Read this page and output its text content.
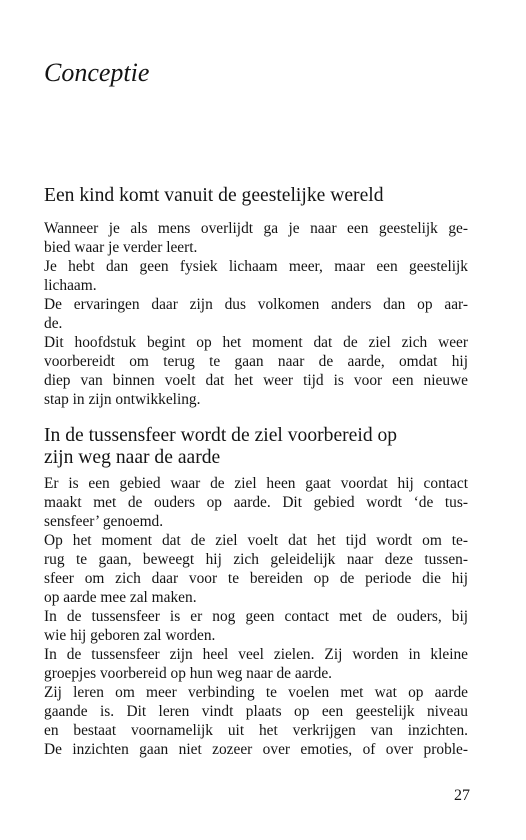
Conceptie
Een kind komt vanuit de geestelijke wereld

Wanneer je als mens overlijdt ga je naar een geestelijk ge-

bied waar je verder leert.

Je hebt dan geen fysiek lichaam meer, maar een geestelijk

lichaam.

De ervaringen daar zijn dus volkomen anders dan op aar-

de.

Dit hoofdstuk begint op het moment dat de ziel zich weer

voorbereidt om terug te gaan naar de aarde, omdat hij

diep van binnen voelt dat het weer tijd is voor een nieuwe

stap in zijn ontwikkeling.

In de tussensfeer wordt de ziel voorbereid op
zijn weg naar de aarde

Er is een gebied waar de ziel heen gaat voordat hij contact

maakt met de ouders op aarde. Dit gebied wordt ‘de tus-

sensfeer’ genoemd.

Op het moment dat de ziel voelt dat het tijd wordt om te-

rug te gaan, beweegt hij zich geleidelijk naar deze tussen-

sfeer om zich daar voor te bereiden op de periode die hij

op aarde mee zal maken.

In de tussensfeer is er nog geen contact met de ouders, bij

wie hij geboren zal worden.

In de tussensfeer zijn heel veel zielen. Zij worden in kleine

groepjes voorbereid op hun weg naar de aarde.

Zij leren om meer verbinding te voelen met wat op aarde

gaande is. Dit leren vindt plaats op een geestelijk niveau

en bestaat voornamelijk uit het verkrijgen van inzichten.

De inzichten gaan niet zozeer over emoties, of over proble-

27
